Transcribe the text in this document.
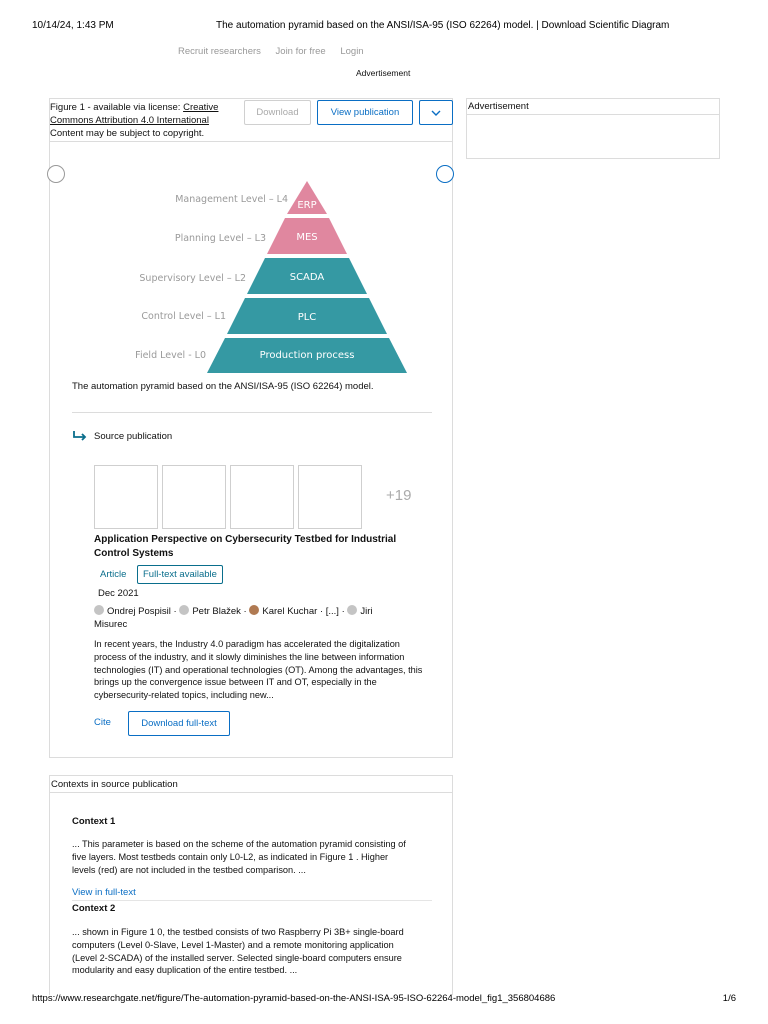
10/14/24, 1:43 PM	The automation pyramid based on the ANSI/ISA-95 (ISO 62264) model. | Download Scientific Diagram
Recruit researchers Join for free Login
Advertisement
Figure 1 - available via license: Creative
Commons Attribution 4.0 International
Content may be subject to copyright.
Download	View publication
ERP
MES
SCADA
PLC
Production process
Management Level – L4
Planning Level – L3
Supervisory Level – L2
Control Level – L1
Field Level - L0
The automation pyramid based on the ANSI/ISA-95 (ISO 62264) model.
Source publication
+19
Application Perspective on Cybersecurity Testbed for Industrial Control Systems
Article	Full-text available
Dec 2021
Ondrej Pospisil · Petr Blažek · Karel Kuchar · [...] · Jiri
Misurec
In recent years, the Industry 4.0 paradigm has accelerated the digitalization process of the industry, and it slowly diminishes the line between information technologies (IT) and operational technologies (OT). Among the advantages, this brings up the convergence issue between IT and OT, especially in the cybersecurity-related topics, including new...
Cite	Download full-text
Advertisement
Contexts in source publication
Context 1
... This parameter is based on the scheme of the automation pyramid consisting of five layers. Most testbeds contain only L0-L2, as indicated in Figure 1 . Higher levels (red) are not included in the testbed comparison. ...
View in full-text
Context 2
... shown in Figure 1 0, the testbed consists of two Raspberry Pi 3B+ single-board computers (Level 0-Slave, Level 1-Master) and a remote monitoring application (Level 2-SCADA) of the installed server. Selected single-board computers ensure modularity and easy duplication of the entire testbed. ...
https://www.researchgate.net/figure/The-automation-pyramid-based-on-the-ANSI-ISA-95-ISO-62264-model_fig1_356804686	1/6
